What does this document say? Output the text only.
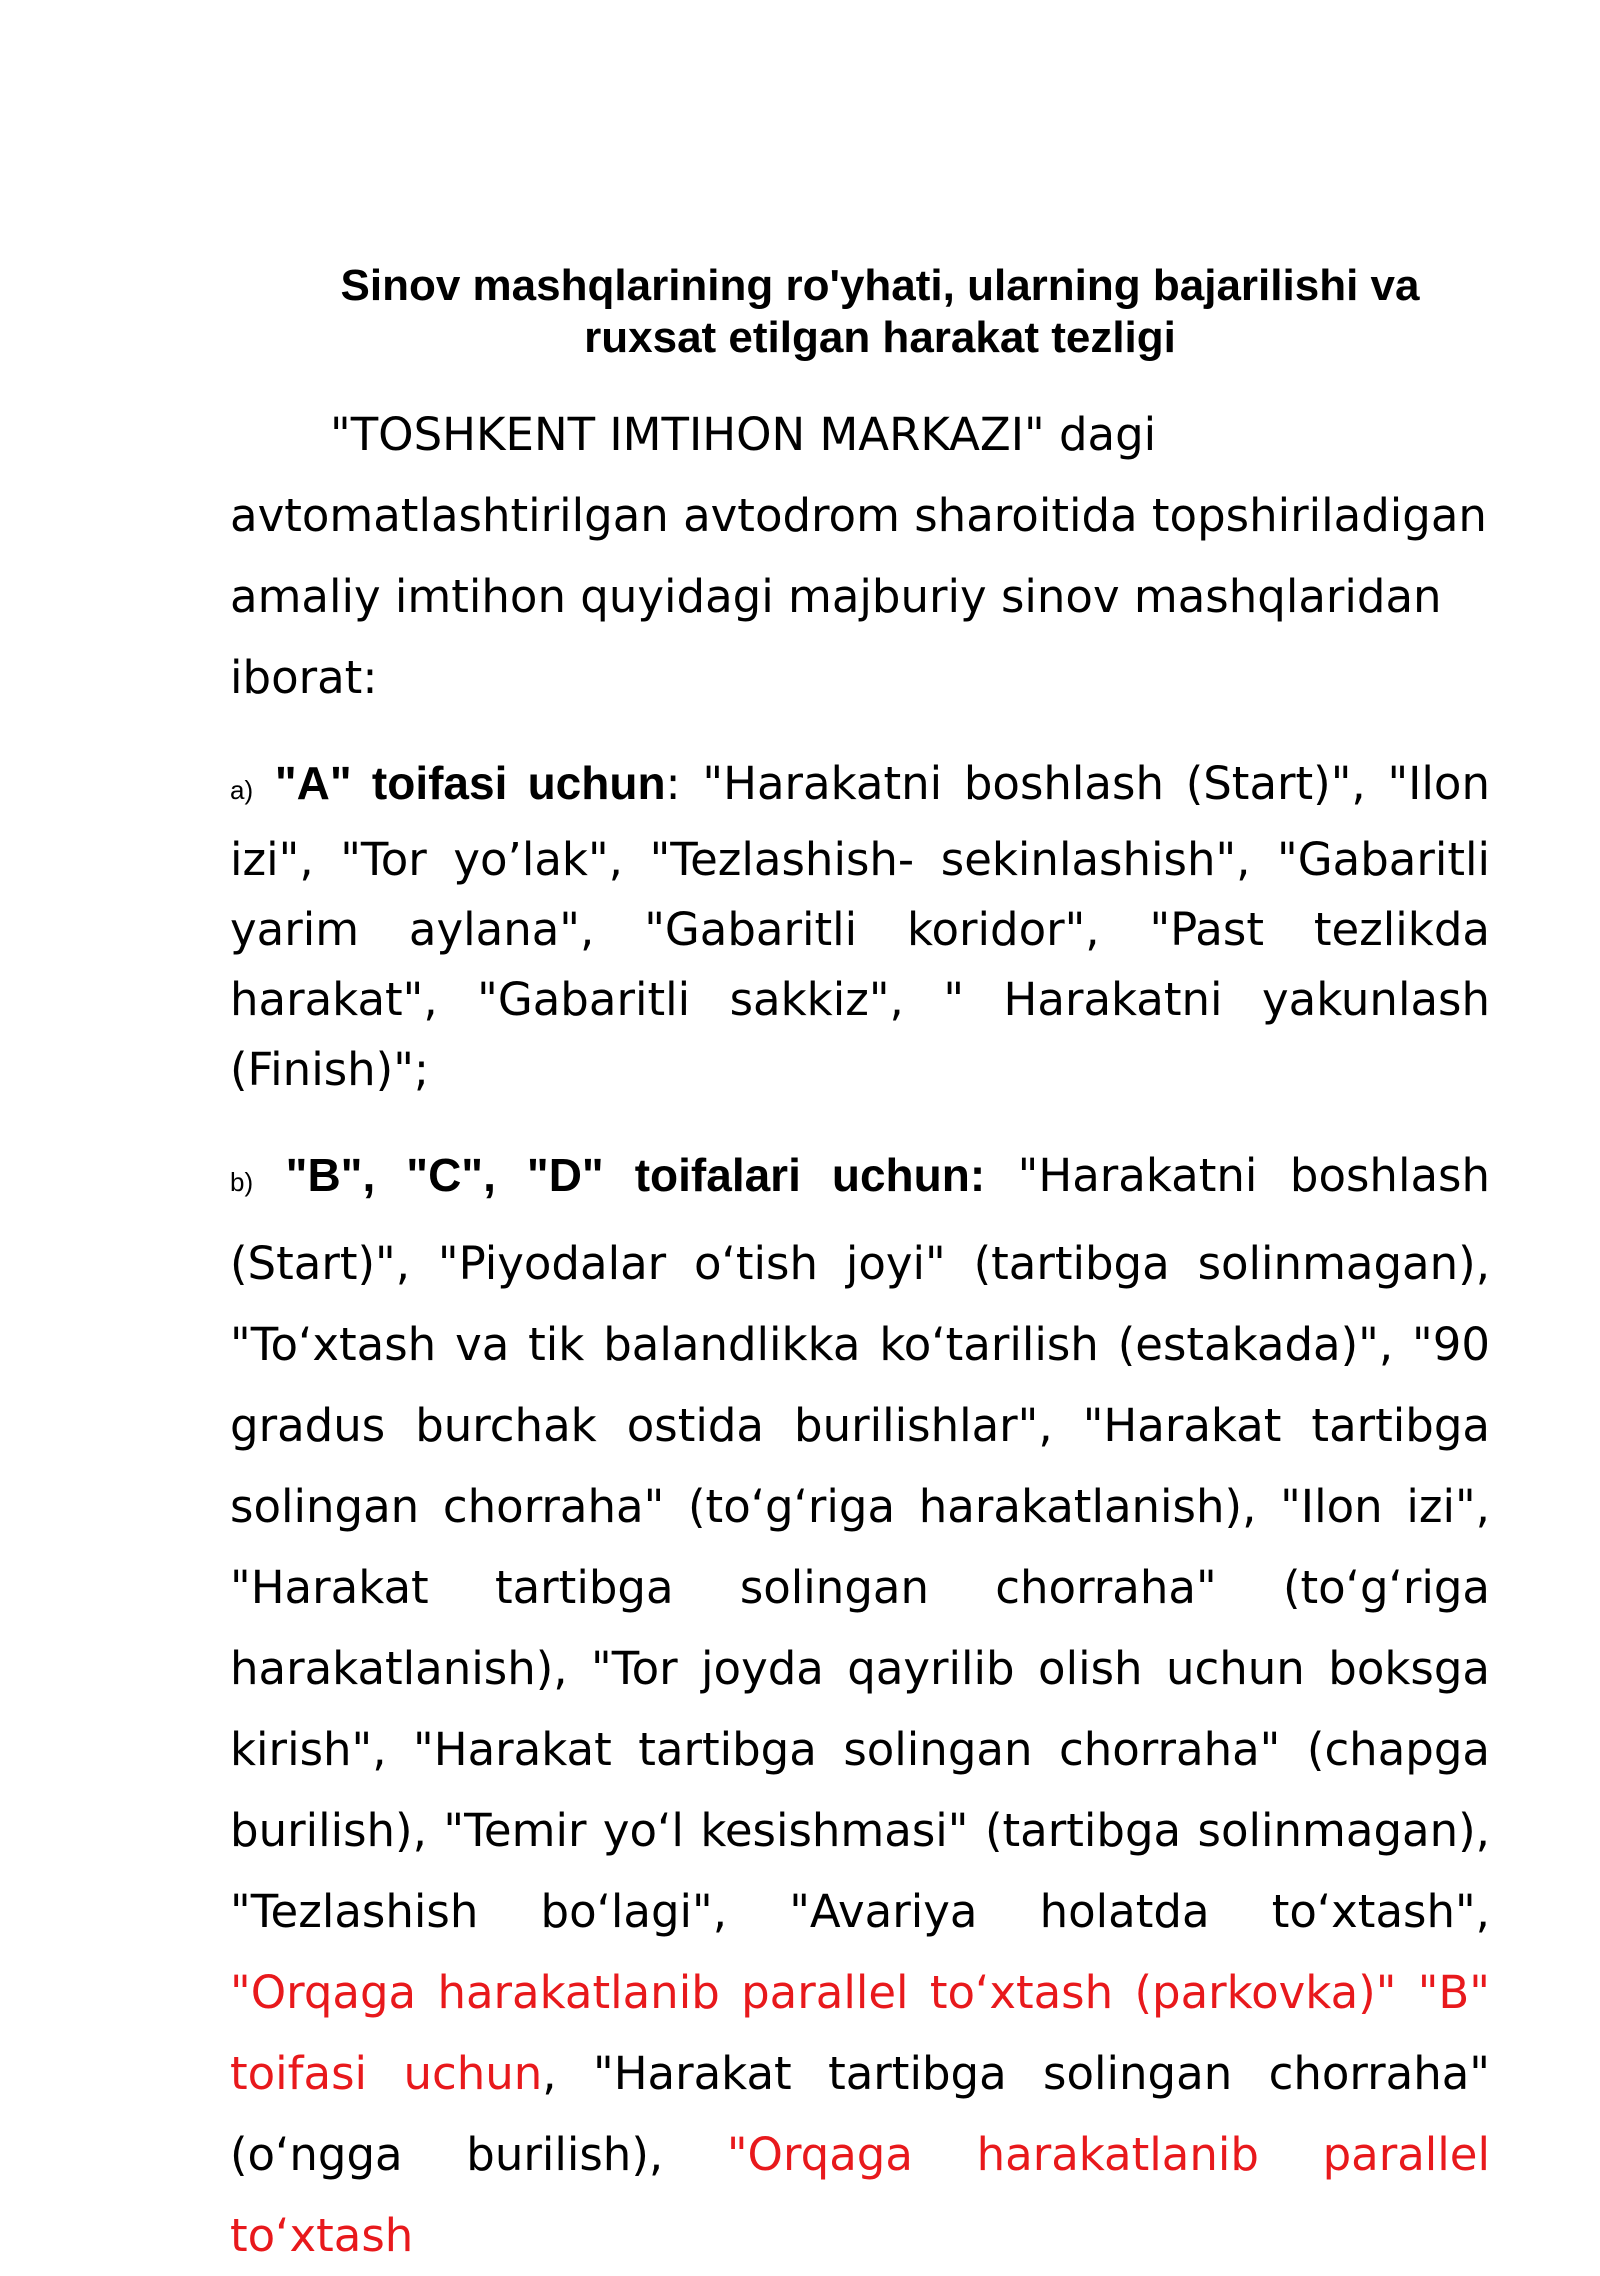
Sinov mashqlarining ro'yhati, ularning bajarilishi va
ruxsat etilgan harakat tezligi

"TOSHKENT IMTIHON MARKAZI" dagi avtomatlashtirilgan avtodrom sharoitida topshiriladigan amaliy imtihon quyidagi majburiy sinov mashqlaridan iborat:

a) "A" toifasi uchun: "Harakatni boshlash (Start)", "Ilon izi", "Tor yo’lak", "Tezlashish- sekinlashish", "Gabaritli yarim aylana", "Gabaritli koridor", "Past tezlikda harakat", "Gabaritli sakkiz", " Harakatni yakunlash (Finish)";

b) "B", "C", "D" toifalari uchun: "Harakatni boshlash (Start)", "Piyodalar o‘tish joyi" (tartibga solinmagan), "To‘xtash va tik balandlikka ko‘tarilish (estakada)", "90 gradus burchak ostida burilishlar", "Harakat tartibga solingan chorraha" (to‘g‘riga harakatlanish), "Ilon izi", "Harakat tartibga solingan chorraha" (to‘g‘riga harakatlanish), "Tor joyda qayrilib olish uchun boksga kirish", "Harakat tartibga solingan chorraha" (chapga burilish), "Temir yo‘l kesishmasi" (tartibga solinmagan), "Tezlashish bo‘lagi", "Avariya holatda to‘xtash", "Orqaga harakatlanib parallel to‘xtash (parkovka)" "B" toifasi uchun, "Harakat tartibga solingan chorraha" (o‘ngga burilish), "Orqaga harakatlanib parallel to‘xtash
